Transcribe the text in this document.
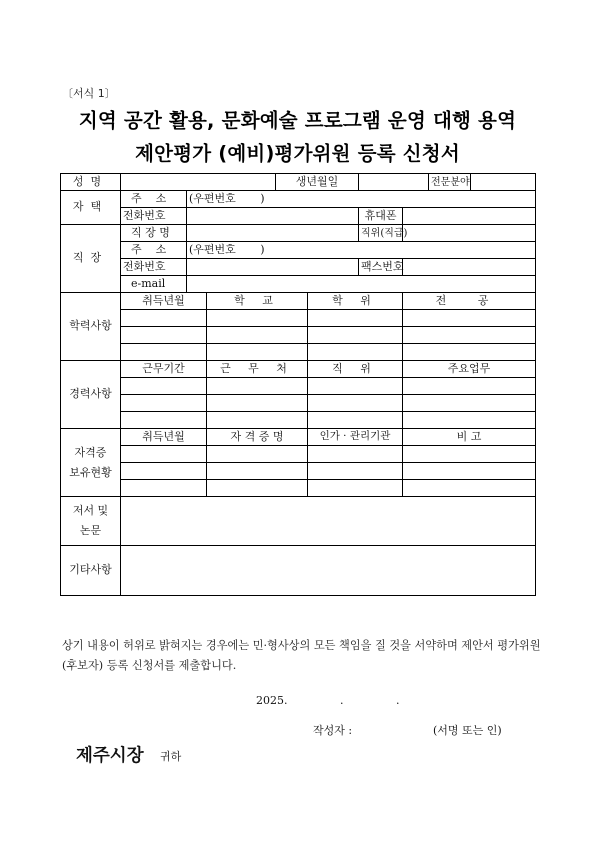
〔서식 1〕
지역 공간 활용, 문화예술 프로그램 운영 대행 용역
제안평가 (예비)평가위원 등록 신청서
성명				생년월일				전문분야	
자택	주소	(우편번호       )							
	전화번호					휴대폰			
직장	직 장 명					직위(직급)			
	주소	(우편번호       )							
	전화번호					팩스번호			
	e-mail								
학력사항	취득년월		학 교		학 위		전 공		

경력사항	근무기간		근 무 처		직 위		주요업무		

자격증
보유현황	취득년월		자 격 증 명		인가 · 관리기관		비 고		

저서 및
논문									
기타사항									
상기 내용이 허위로 밝혀지는 경우에는 민·형사상의 모든 책임을 질 것을 서약하며 제안서 평가위원(후보자) 등록 신청서를 제출합니다.
2025.   .   .
작성자 :	(서명 또는 인)
제주시장 귀하
